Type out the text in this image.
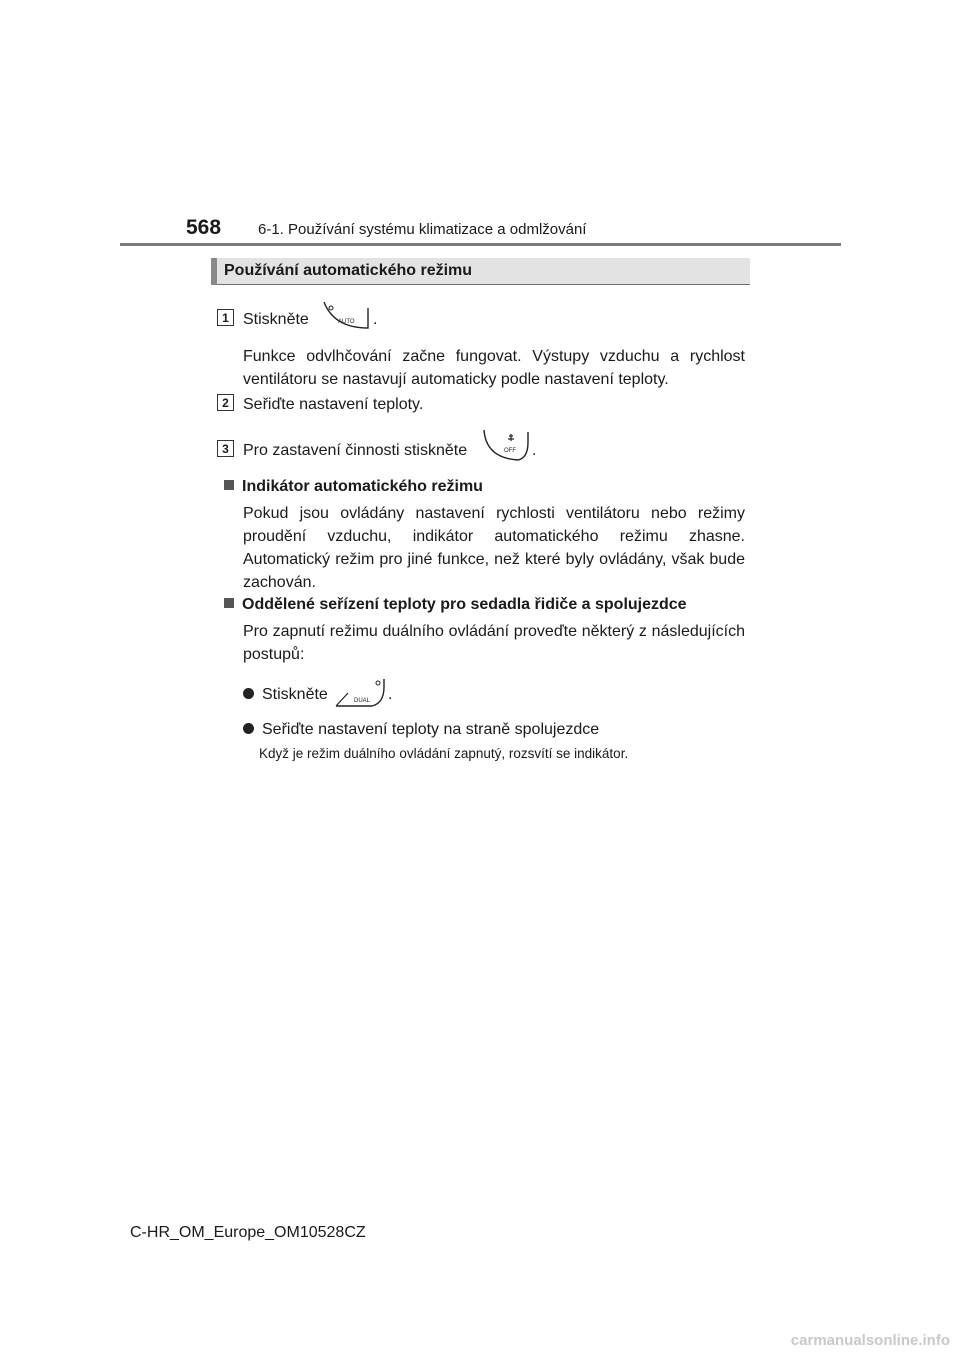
568 6-1. Používání systému klimatizace a odmlžování
Používání automatického režimu
1 Stiskněte	AUTO .
Funkce odvlhčování začne fungovat. Výstupy vzduchu a rychlost ventilátoru se nastavují automaticky podle nastavení teploty.
2 Seřiďte nastavení teploty.
3 Pro zastavení činnosti stiskněte	OFF .
Indikátor automatického režimu
Pokud jsou ovládány nastavení rychlosti ventilátoru nebo režimy proudění vzduchu, indikátor automatického režimu zhasne. Automatický režim pro jiné funkce, než které byly ovládány, však bude zachován.
Oddělené seřízení teploty pro sedadla řidiče a spolujezdce
Pro zapnutí režimu duálního ovládání proveďte některý z následujících postupů:
Stiskněte	DUAL .
Seřiďte nastavení teploty na straně spolujezdce
Když je režim duálního ovládání zapnutý, rozsvítí se indikátor.
C-HR_OM_Europe_OM10528CZ
carmanualsonline.info
